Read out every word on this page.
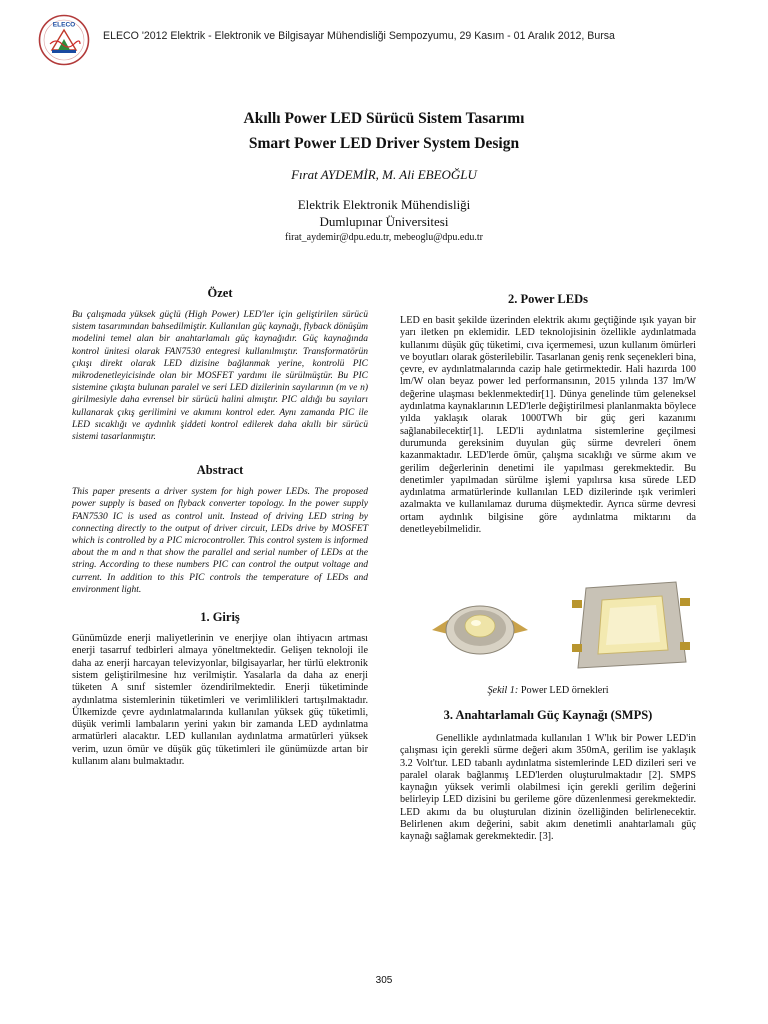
ELECO
ELECO '2012 Elektrik - Elektronik ve Bilgisayar Mühendisliği Sempozyumu, 29 Kasım - 01 Aralık 2012, Bursa
Akıllı Power LED Sürücü Sistem Tasarımı
Smart Power LED Driver System Design
Fırat AYDEMİR, M. Ali EBEOĞLU
Elektrik Elektronik Mühendisliği
Dumlupınar Üniversitesi
firat_aydemir@dpu.edu.tr, mebeoglu@dpu.edu.tr

Özet

Bu çalışmada yüksek güçlü (High Power) LED'ler için geliştirilen sürücü sistem tasarımından bahsedilmiştir. Kullanılan güç kaynağı, flyback dönüşüm modelini temel alan bir anahtarlamalı güç kaynağıdır. Güç kaynağında kontrol ünitesi olarak FAN7530 entegresi kullanılmıştır. Transformatörün çıkışı direkt olarak LED dizisine bağlanmak yerine, kontrolü PIC mikrodenetleyicisinde olan bir MOSFET yardımı ile sürülmüştür. Bu PIC sistemine çıkışta bulunan paralel ve seri LED dizilerinin sayılarının (m ve n) girilmesiyle daha evrensel bir sürücü halini almıştır. PIC aldığı bu sayıları kullanarak çıkış gerilimini ve akımını kontrol eder. Aynı zamanda PIC ile LED sıcaklığı ve aydınlık şiddeti kontrol edilerek daha akıllı bir sürücü sistemi tasarlanmıştır.

Abstract

This paper presents a driver system for high power LEDs. The proposed power supply is based on flyback converter topology. In the power supply FAN7530 IC is used as control unit. Instead of driving LED string by connecting directly to the output of driver circuit, LEDs drive by MOSFET which is controlled by a PIC microcontroller. This control system is informed about the m and n that show the parallel and serial number of LEDs at the string. According to these numbers PIC can control the output voltage and current. In addition to this PIC controls the temperature of LEDs and environment light.

1. Giriş

Günümüzde enerji maliyetlerinin ve enerjiye olan ihtiyacın artması enerji tasarruf tedbirleri almaya yöneltmektedir. Gelişen teknoloji ile daha az enerji harcayan televizyonlar, bilgisayarlar, her türlü elektronik sistem geliştirilmesine hız verilmiştir. Yasalarla da daha az enerji tüketen A sınıf sistemler özendirilmektedir. Enerji tüketiminde aydınlatma sistemlerinin tüketimleri ve verimlilikleri tartışılmaktadır. Ülkemizde çevre aydınlatmalarında kullanılan yüksek güç tüketimli, düşük verimli lambaların yerini yakın bir zamanda LED aydınlatma armatürleri alacaktır. LED kullanılan aydınlatma armatürleri yüksek verim, uzun ömür ve düşük güç tüketimleri ile günümüzde artan bir kullanım alanı bulmaktadır.

2. Power LEDs

LED en basit şekilde üzerinden elektrik akımı geçtiğinde ışık yayan bir yarı iletken pn eklemidir. LED teknolojisinin özellikle aydınlatmada kullanımı düşük güç tüketimi, cıva içermemesi, uzun kullanım ömürleri ve boyutları olarak gösterilebilir. Tasarlanan geniş renk seçenekleri bina, çevre, ev aydınlatmalarında cazip hale getirmektedir. Hali hazırda 100 lm/W olan beyaz power led performansının, 2015 yılında 137 lm/W değerine ulaşması beklenmektedir[1]. Dünya genelinde tüm geleneksel aydınlatma kaynaklarının LED'lerle değiştirilmesi planlanmakta böylece yılda yaklaşık olarak 1000TWh bir güç geri kazanımı sağlanabilecektir[1]. LED'li aydınlatma sistemlerine geçilmesi durumunda gereksinim duyulan güç sürme devreleri önem kazanmaktadır. LED'lerde ömür, çalışma sıcaklığı ve sürme akım ve gerilim değerlerinin denetimi ile yapılması gerekmektedir. Bu denetimler yapılmadan sürülme işlemi yapılırsa kısa sürede LED aydınlatma armatürlerinde kullanılan LED dizilerinde ışık verimleri azalmakta ve kullanılamaz duruma düşmektedir. Ayrıca sürme devresi ortam aydınlık bilgisine göre aydınlatma miktarını da denetleyebilmelidir.

Şekil 1: Power LED örnekleri

3. Anahtarlamalı Güç Kaynağı (SMPS)

Genellikle aydınlatmada kullanılan 1 W'lık bir Power LED'in çalışması için gerekli sürme değeri akım 350mA, gerilim ise yaklaşık 3.2 Volt'tur. LED tabanlı aydınlatma sistemlerinde LED dizileri seri ve paralel olarak bağlanmış LED'lerden oluşturulmaktadır [2]. SMPS kaynağın yüksek verimli olabilmesi için gerekli gerilim değerini belirleyip LED dizisini bu gerileme göre düzenlenmesi gerekmektedir. LED akımı da bu oluşturulan dizinin özelliğinden belirlenecektir. Belirlenen akım değerini, sabit akım denetimli anahtarlamalı güç kaynağı sağlamak gerekmektedir. [3].

305
